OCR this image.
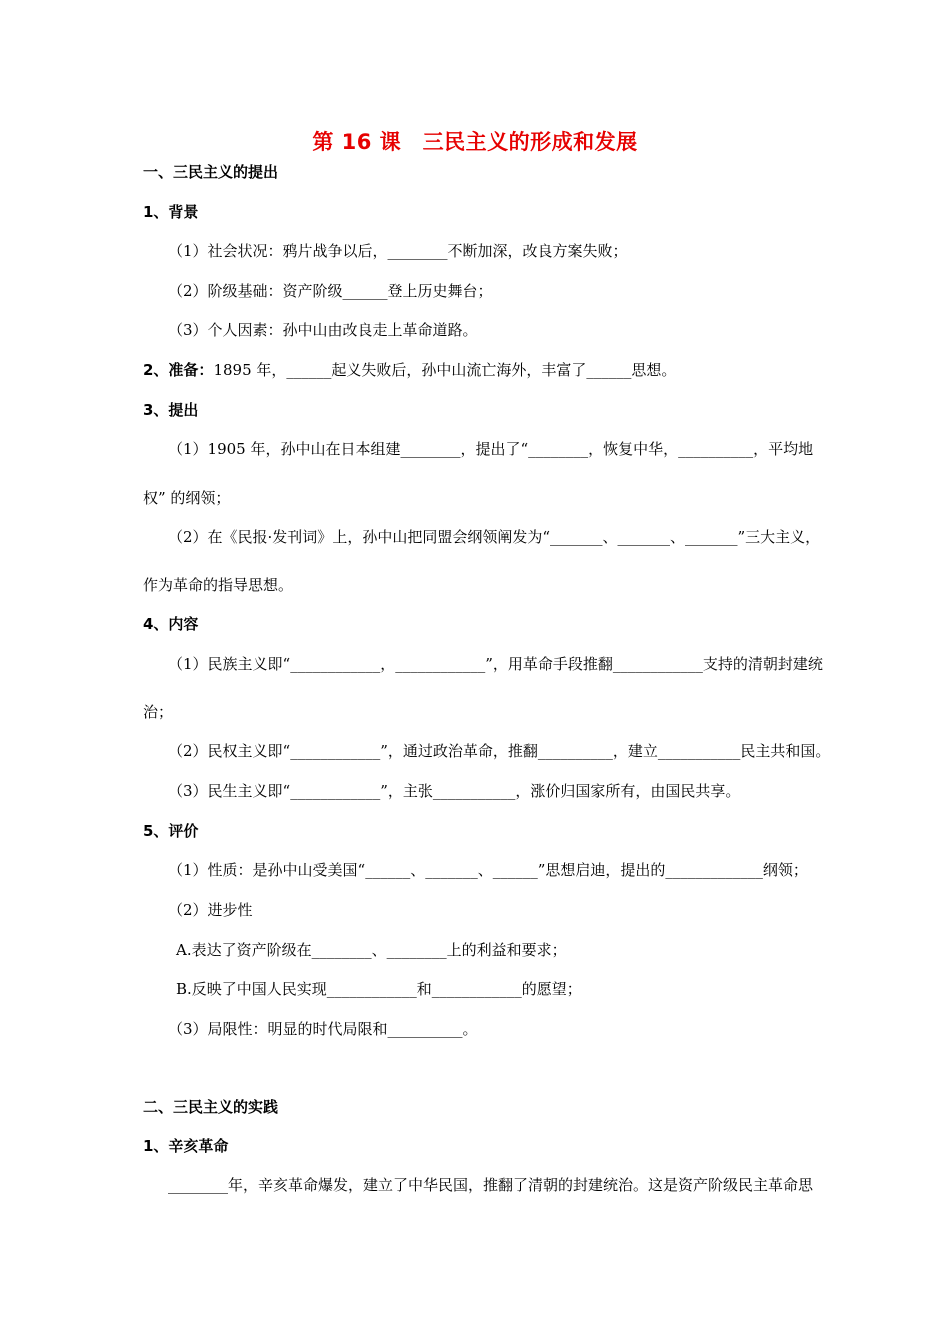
第 16 课　三民主义的形成和发展
一、三民主义的提出
1、背景
（1）社会状况：鸦片战争以后，________不断加深，改良方案失败；
（2）阶级基础：资产阶级______登上历史舞台；
（3）个人因素：孙中山由改良走上革命道路。
2、准备：1895 年，______起义失败后，孙中山流亡海外，丰富了______思想。
3、提出
（1）1905 年，孙中山在日本组建________，提出了“________，恢复中华，__________，平均地
权” 的纲领；
（2）在《民报·发刊词》上，孙中山把同盟会纲领阐发为“_______、_______、_______”三大主义，
作为革命的指导思想。
4、内容
（1）民族主义即“____________，____________”，用革命手段推翻____________支持的清朝封建统
治；
（2）民权主义即“____________”，通过政治革命，推翻__________，建立___________民主共和国。
（3）民生主义即“____________”，主张___________，涨价归国家所有，由国民共享。
5、评价
（1）性质：是孙中山受美国“______、_______、______”思想启迪，提出的_____________纲领；
（2）进步性
A.表达了资产阶级在________、________上的利益和要求；
B.反映了中国人民实现____________和____________的愿望；
（3）局限性：明显的时代局限和__________。
二、三民主义的实践
1、辛亥革命
________年，辛亥革命爆发，建立了中华民国，推翻了清朝的封建统治。这是资产阶级民主革命思
